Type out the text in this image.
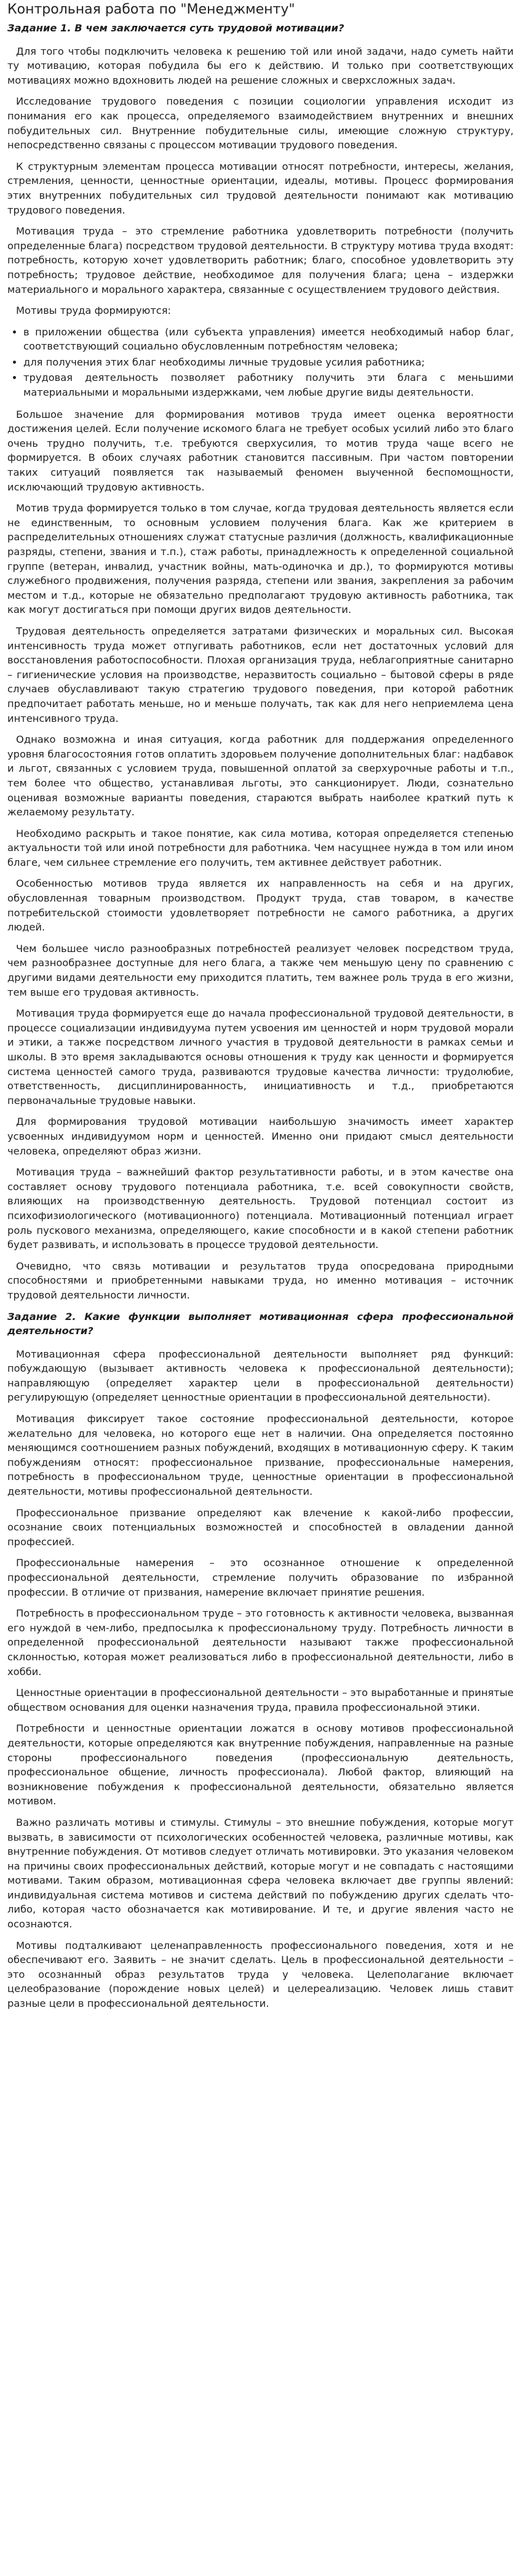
Контрольная работа по "Менеджменту"

Задание 1. В чем заключается суть трудовой мотивации?

Для того чтобы подключить человека к решению той или иной задачи, надо суметь найти ту мотивацию, которая побудила бы его к действию. И только при соответствующих мотивациях можно вдохновить людей на решение сложных и сверхсложных задач.

Исследование трудового поведения с позиции социологии управления исходит из понимания его как процесса, определяемого взаимодействием внутренних и внешних побудительных сил. Внутренние побудительные силы, имеющие сложную структуру, непосредственно связаны с процессом мотивации трудового поведения.

К структурным элементам процесса мотивации относят потребности, интересы, желания, стремления, ценности, ценностные ориентации, идеалы, мотивы. Процесс формирования этих внутренних побудительных сил трудовой деятельности понимают как мотивацию трудового поведения.

Мотивация труда – это стремление работника удовлетворить потребности (получить определенные блага) посредством трудовой деятельности. В структуру мотива труда входят: потребность, которую хочет удовлетворить работник; благо, способное удовлетворить эту потребность; трудовое действие, необходимое для получения блага; цена – издержки материального и морального характера, связанные с осуществлением трудового действия.

Мотивы труда формируются:

• в приложении общества (или субъекта управления) имеется необходимый набор благ, соответствующий социально обусловленным потребностям человека;
• для получения этих благ необходимы личные трудовые усилия работника;
• трудовая деятельность позволяет работнику получить эти блага с меньшими материальными и моральными издержками, чем любые другие виды деятельности.

Большое значение для формирования мотивов труда имеет оценка вероятности достижения целей. Если получение искомого блага не требует особых усилий либо это благо очень трудно получить, т.е. требуются сверхусилия, то мотив труда чаще всего не формируется. В обоих случаях работник становится пассивным. При частом повторении таких ситуаций появляется так называемый феномен выученной беспомощности, исключающий трудовую активность.

Мотив труда формируется только в том случае, когда трудовая деятельность является если не единственным, то основным условием получения блага. Как же критерием в распределительных отношениях служат статусные различия (должность, квалификационные разряды, степени, звания и т.п.), стаж работы, принадлежность к определенной социальной группе (ветеран, инвалид, участник войны, мать-одиночка и др.), то формируются мотивы служебного продвижения, получения разряда, степени или звания, закрепления за рабочим местом и т.д., которые не обязательно предполагают трудовую активность работника, так как могут достигаться при помощи других видов деятельности.

Трудовая деятельность определяется затратами физических и моральных сил. Высокая интенсивность труда может отпугивать работников, если нет достаточных условий для восстановления работоспособности. Плохая организация труда, неблагоприятные санитарно – гигиенические условия на производстве, неразвитость социально – бытовой сферы в ряде случаев обуславливают такую стратегию трудового поведения, при которой работник предпочитает работать меньше, но и меньше получать, так как для него неприемлема цена интенсивного труда.

Однако возможна и иная ситуация, когда работник для поддержания определенного уровня благосостояния готов оплатить здоровьем получение дополнительных благ: надбавок и льгот, связанных с условием труда, повышенной оплатой за сверхурочные работы и т.п., тем более что общество, устанавливая льготы, это санкционирует. Люди, сознательно оценивая возможные варианты поведения, стараются выбрать наиболее краткий путь к желаемому результату.

Необходимо раскрыть и такое понятие, как сила мотива, которая определяется степенью актуальности той или иной потребности для работника. Чем насущнее нужда в том или ином благе, чем сильнее стремление его получить, тем активнее действует работник.

Особенностью мотивов труда является их направленность на себя и на других, обусловленная товарным производством. Продукт труда, став товаром, в качестве потребительской стоимости удовлетворяет потребности не самого работника, а других людей.

Чем большее число разнообразных потребностей реализует человек посредством труда, чем разнообразнее доступные для него блага, а также чем меньшую цену по сравнению с другими видами деятельности ему приходится платить, тем важнее роль труда в его жизни, тем выше его трудовая активность.

Мотивация труда формируется еще до начала профессиональной трудовой деятельности, в процессе социализации индивидуума путем усвоения им ценностей и норм трудовой морали и этики, а также посредством личного участия в трудовой деятельности в рамках семьи и школы. В это время закладываются основы отношения к труду как ценности и формируется система ценностей самого труда, развиваются трудовые качества личности: трудолюбие, ответственность, дисциплинированность, инициативность и т.д., приобретаются первоначальные трудовые навыки.

Для формирования трудовой мотивации наибольшую значимость имеет характер усвоенных индивидуумом норм и ценностей. Именно они придают смысл деятельности человека, определяют образ жизни.

Мотивация труда – важнейший фактор результативности работы, и в этом качестве она составляет основу трудового потенциала работника, т.е. всей совокупности свойств, влияющих на производственную деятельность. Трудовой потенциал состоит из психофизиологического (мотивационного) потенциала. Мотивационный потенциал играет роль пускового механизма, определяющего, какие способности и в какой степени работник будет развивать, и использовать в процессе трудовой деятельности.

Очевидно, что связь мотивации и результатов труда опосредована природными способностями и приобретенными навыками труда, но именно мотивация – источник трудовой деятельности личности.

Задание 2. Какие функции выполняет мотивационная сфера профессиональной деятельности?

Мотивационная сфера профессиональной деятельности выполняет ряд функций: побуждающую (вызывает активность человека к профессиональной деятельности); направляющую (определяет характер цели в профессиональной деятельности) регулирующую (определяет ценностные ориентации в профессиональной деятельности).

Мотивация фиксирует такое состояние профессиональной деятельности, которое желательно для человека, но которого еще нет в наличии. Она определяется постоянно меняющимся соотношением разных побуждений, входящих в мотивационную сферу. К таким побуждениям относят: профессиональное призвание, профессиональные намерения, потребность в профессиональном труде, ценностные ориентации в профессиональной деятельности, мотивы профессиональной деятельности.

Профессиональное призвание определяют как влечение к какой-либо профессии, осознание своих потенциальных возможностей и способностей в овладении данной профессией.

Профессиональные намерения – это осознанное отношение к определенной профессиональной деятельности, стремление получить образование по избранной профессии. В отличие от призвания, намерение включает принятие решения.

Потребность в профессиональном труде – это готовность к активности человека, вызванная его нуждой в чем-либо, предпосылка к профессиональному труду. Потребность личности в определенной профессиональной деятельности называют также профессиональной склонностью, которая может реализоваться либо в профессиональной деятельности, либо в хобби.

Ценностные ориентации в профессиональной деятельности – это выработанные и принятые обществом основания для оценки назначения труда, правила профессиональной этики.

Потребности и ценностные ориентации ложатся в основу мотивов профессиональной деятельности, которые определяются как внутренние побуждения, направленные на разные стороны профессионального поведения (профессиональную деятельность, профессиональное общение, личность профессионала). Любой фактор, влияющий на возникновение побуждения к профессиональной деятельности, обязательно является мотивом.

Важно различать мотивы и стимулы. Стимулы – это внешние побуждения, которые могут вызвать, в зависимости от психологических особенностей человека, различные мотивы, как внутренние побуждения. От мотивов следует отличать мотивировки. Это указания человеком на причины своих профессиональных действий, которые могут и не совпадать с настоящими мотивами. Таким образом, мотивационная сфера человека включает две группы явлений: индивидуальная система мотивов и система действий по побуждению других сделать что-либо, которая часто обозначается как мотивирование. И те, и другие явления часто не осознаются.

Мотивы подталкивают целенаправленность профессионального поведения, хотя и не обеспечивают его. Заявить – не значит сделать. Цель в профессиональной деятельности – это осознанный образ результатов труда у человека. Целеполагание включает целеобразование (порождение новых целей) и целереализацию. Человек лишь ставит разные цели в профессиональной деятельности.
